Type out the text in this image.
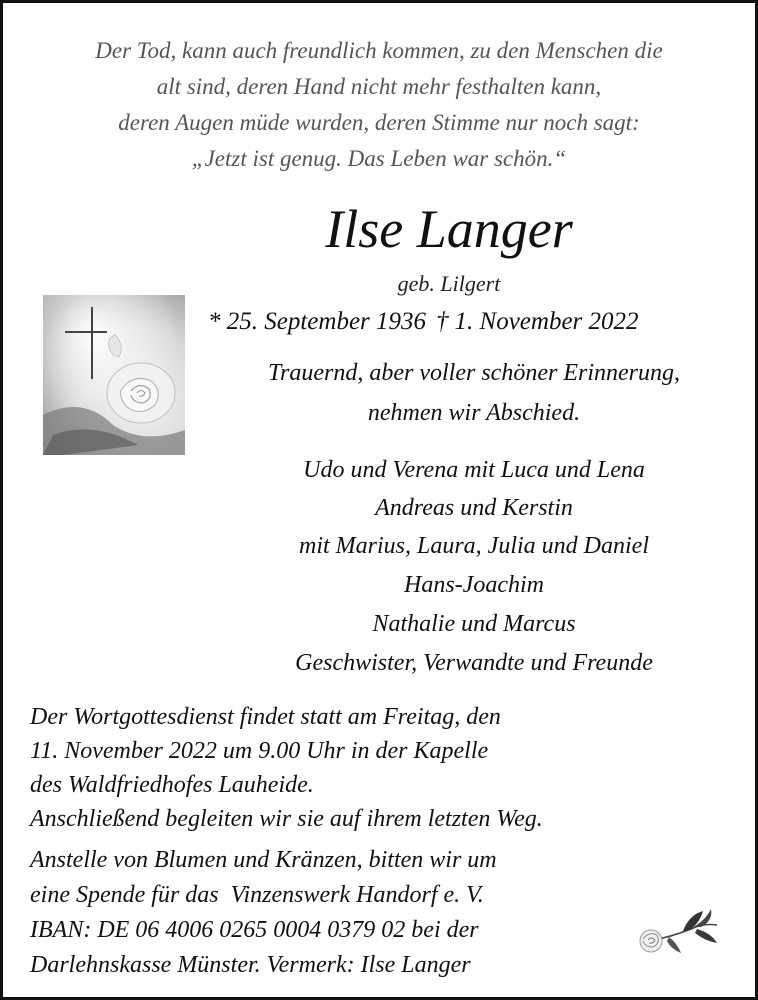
Der Tod, kann auch freundlich kommen, zu den Menschen die
alt sind, deren Hand nicht mehr festhalten kann,
deren Augen müde wurden, deren Stimme nur noch sagt:
„Jetzt ist genug. Das Leben war schön.“
Ilse Langer
geb. Lilgert
* 25. September 1936 † 1. November 2022
Trauernd, aber voller schöner Erinnerung,
nehmen wir Abschied.
Udo und Verena mit Luca und Lena
Andreas und Kerstin
mit Marius, Laura, Julia und Daniel
Hans-Joachim
Nathalie und Marcus
Geschwister, Verwandte und Freunde
Der Wortgottesdienst findet statt am Freitag, den
11. November 2022 um 9.00 Uhr in der Kapelle
des Waldfriedhofes Lauheide.
Anschließend begleiten wir sie auf ihrem letzten Weg.
Anstelle von Blumen und Kränzen, bitten wir um
eine Spende für das  Vinzenswerk Handorf e. V.
IBAN: DE 06 4006 0265 0004 0379 02 bei der
Darlehnskasse Münster. Vermerk: Ilse Langer
